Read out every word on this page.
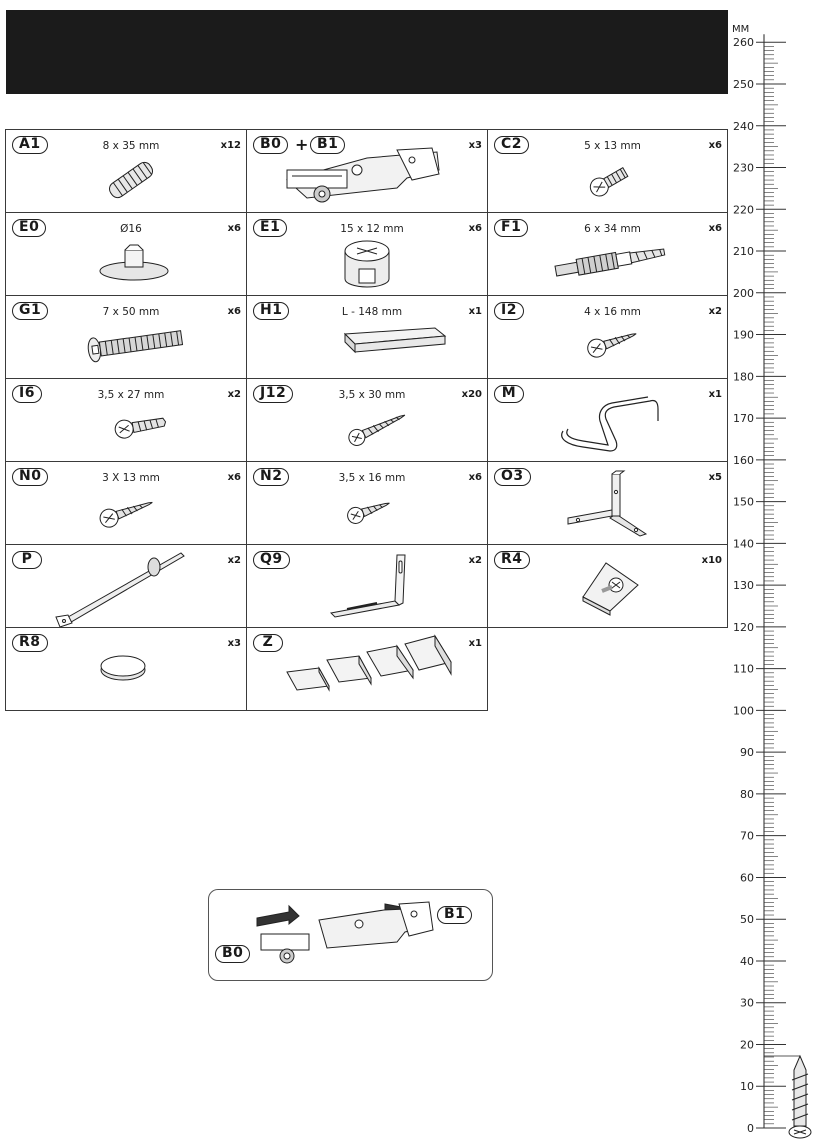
A1	8 x 35 mm	x12	B0 + B1	x3	C2	5 x 13 mm	x6
E0	Ø16	x6	E1	15 x 12 mm	x6	F1	6 x 34 mm	x6
G1	7 x 50 mm	x6	H1	L - 148 mm	x1	I2	4 x 16 mm	x2
I6	3,5 x 27 mm	x2	J12	3,5 x 30 mm	x20	M	x1
N0	3 X 13 mm	x6	N2	3,5 x 16 mm	x6	O3	x5
P	x2	Q9	x2	R4	x10
R8	x3	Z	x1
B0
B1
MM
0
10
20
30
40
50
60
70
80
90
100
110
120
130
140
150
160
170
180
190
200
210
220
230
240
250
260
